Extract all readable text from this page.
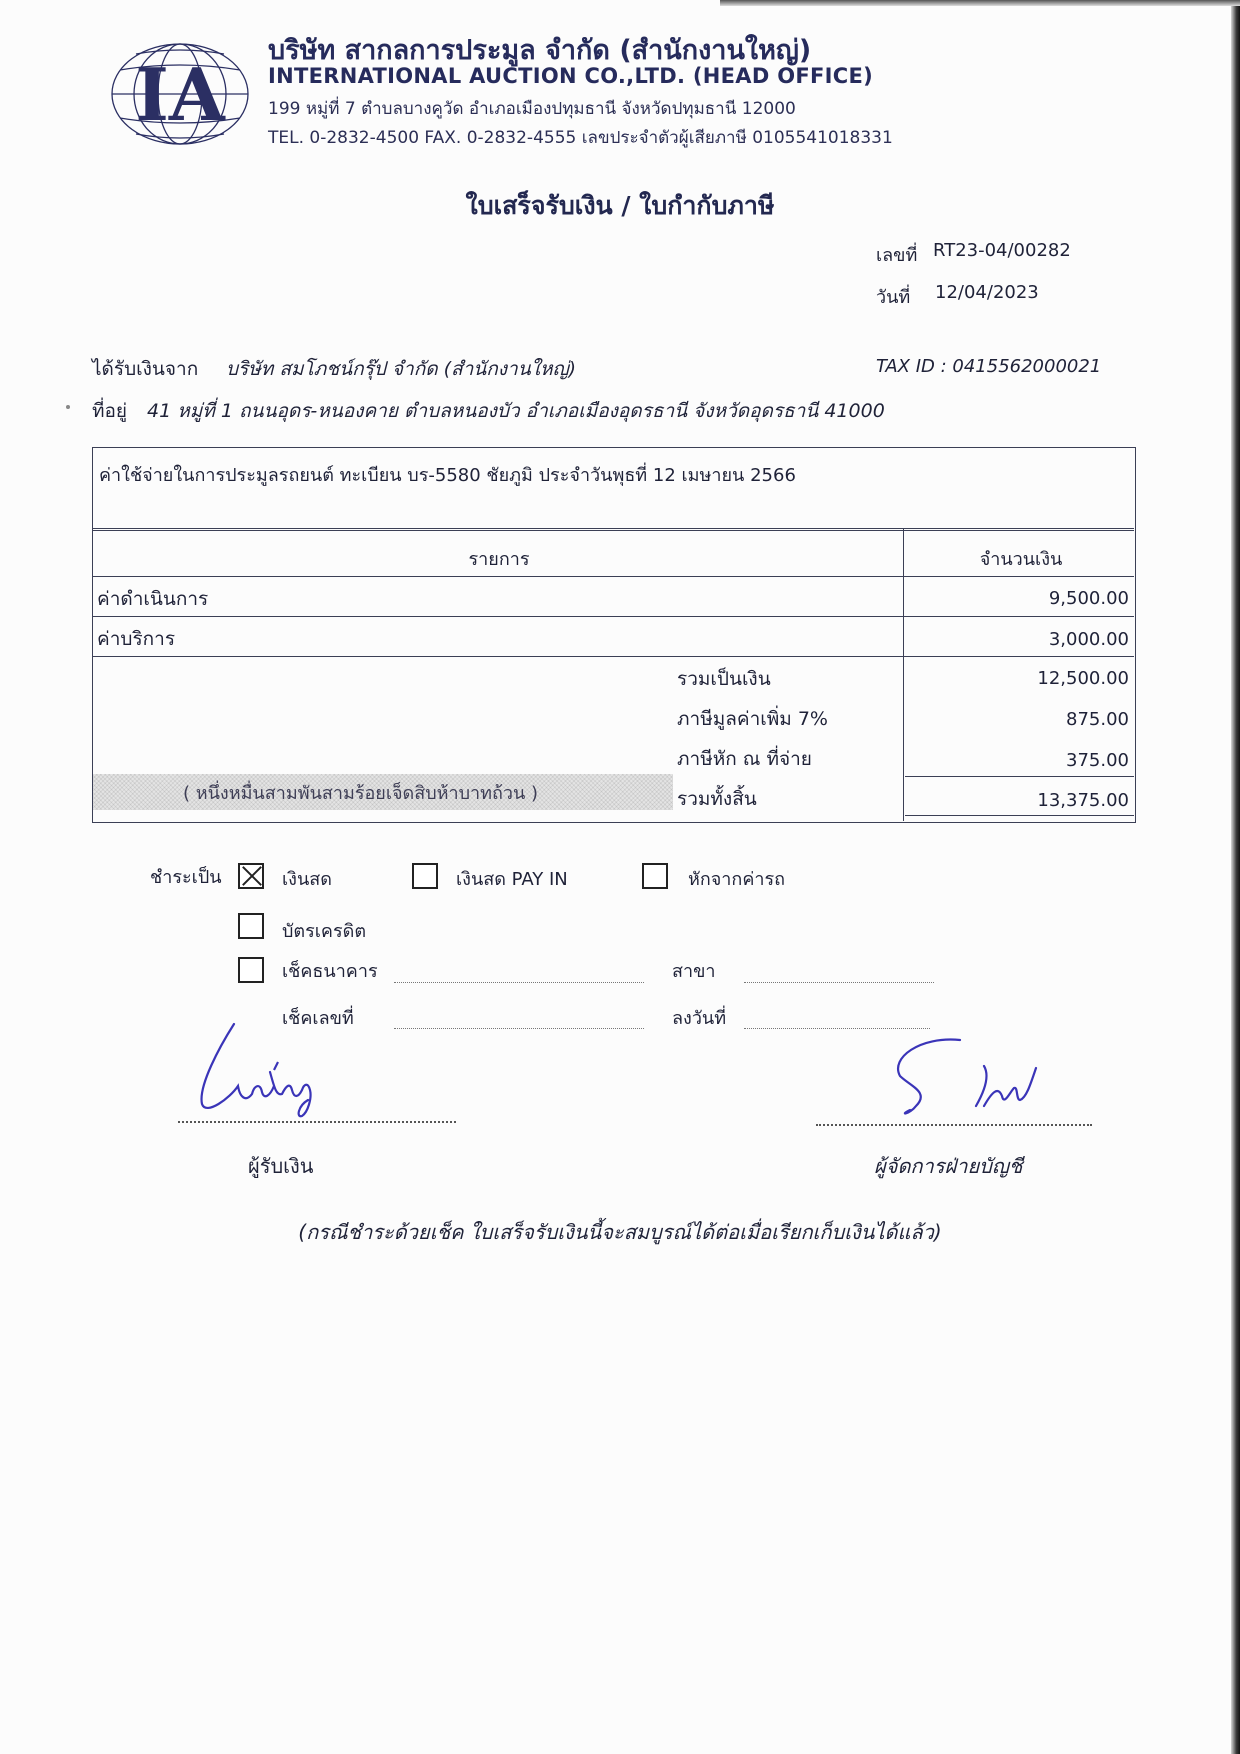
IA
บริษัท สากลการประมูล จำกัด (สำนักงานใหญ่)
INTERNATIONAL AUCTION CO.,LTD. (HEAD OFFICE)
199 หมู่ที่ 7 ตำบลบางคูวัด อำเภอเมืองปทุมธานี จังหวัดปทุมธานี 12000
TEL. 0-2832-4500 FAX. 0-2832-4555 เลขประจำตัวผู้เสียภาษี 0105541018331
ใบเสร็จรับเงิน / ใบกำกับภาษี
เลขที่ RT23-04/00282
วันที่ 12/04/2023
ได้รับเงินจาก บริษัท สมโภชน์กรุ๊ป จำกัด (สำนักงานใหญ่)	TAX ID : 0415562000021
ที่อยู่ 41 หมู่ที่ 1 ถนนอุดร-หนองคาย ตำบลหนองบัว อำเภอเมืองอุดรธานี จังหวัดอุดรธานี 41000
ค่าใช้จ่ายในการประมูลรถยนต์ ทะเบียน บร-5580 ชัยภูมิ ประจำวันพุธที่ 12 เมษายน 2566
รายการ	จำนวนเงิน
ค่าดำเนินการ	9,500.00
ค่าบริการ	3,000.00
รวมเป็นเงิน	12,500.00
ภาษีมูลค่าเพิ่ม 7%	875.00
ภาษีหัก ณ ที่จ่าย	375.00
( หนึ่งหมื่นสามพันสามร้อยเจ็ดสิบห้าบาทถ้วน )	รวมทั้งสิ้น	13,375.00
ชำระเป็น	เงินสด	เงินสด PAY IN	หักจากค่ารถ
บัตรเครดิต
เช็คธนาคาร	สาขา
เช็คเลขที่	ลงวันที่
ผู้รับเงิน	ผู้จัดการฝ่ายบัญชี
(กรณีชำระด้วยเช็ค ใบเสร็จรับเงินนี้จะสมบูรณ์ได้ต่อเมื่อเรียกเก็บเงินได้แล้ว)
